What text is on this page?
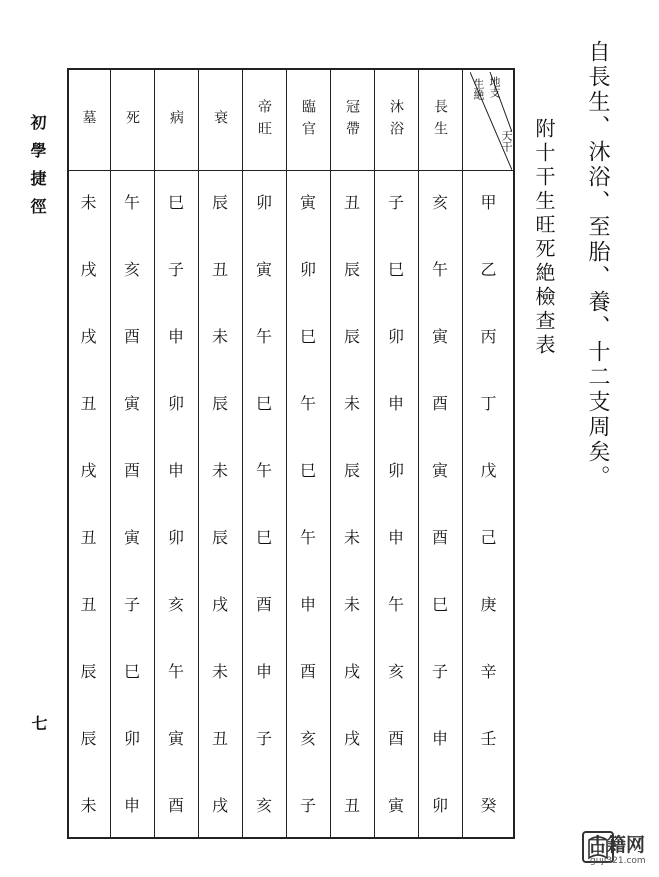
初學捷徑
七
自長生、沐浴、至胎、養、十二支周矣。
附十干生旺死絶檢查表
長生
沐浴
冠帶
臨官
帝旺
衰
病
死
墓
甲
亥
子
丑
寅
卯
辰
巳
午
未
乙
午
巳
辰
卯
寅
丑
子
亥
戌
丙
寅
卯
辰
巳
午
未
申
酉
戌
丁
酉
申
未
午
巳
辰
卯
寅
丑
戊
寅
卯
辰
巳
午
未
申
酉
戌
己
酉
申
未
午
巳
辰
卯
寅
丑
庚
巳
午
未
申
酉
戌
亥
子
丑
辛
子
亥
戌
酉
申
未
午
巳
辰
壬
申
酉
戌
亥
子
丑
寅
卯
辰
癸
卯
寅
丑
子
亥
戌
酉
申
未
生絶 地支
天干
古籍网
guji321.com
